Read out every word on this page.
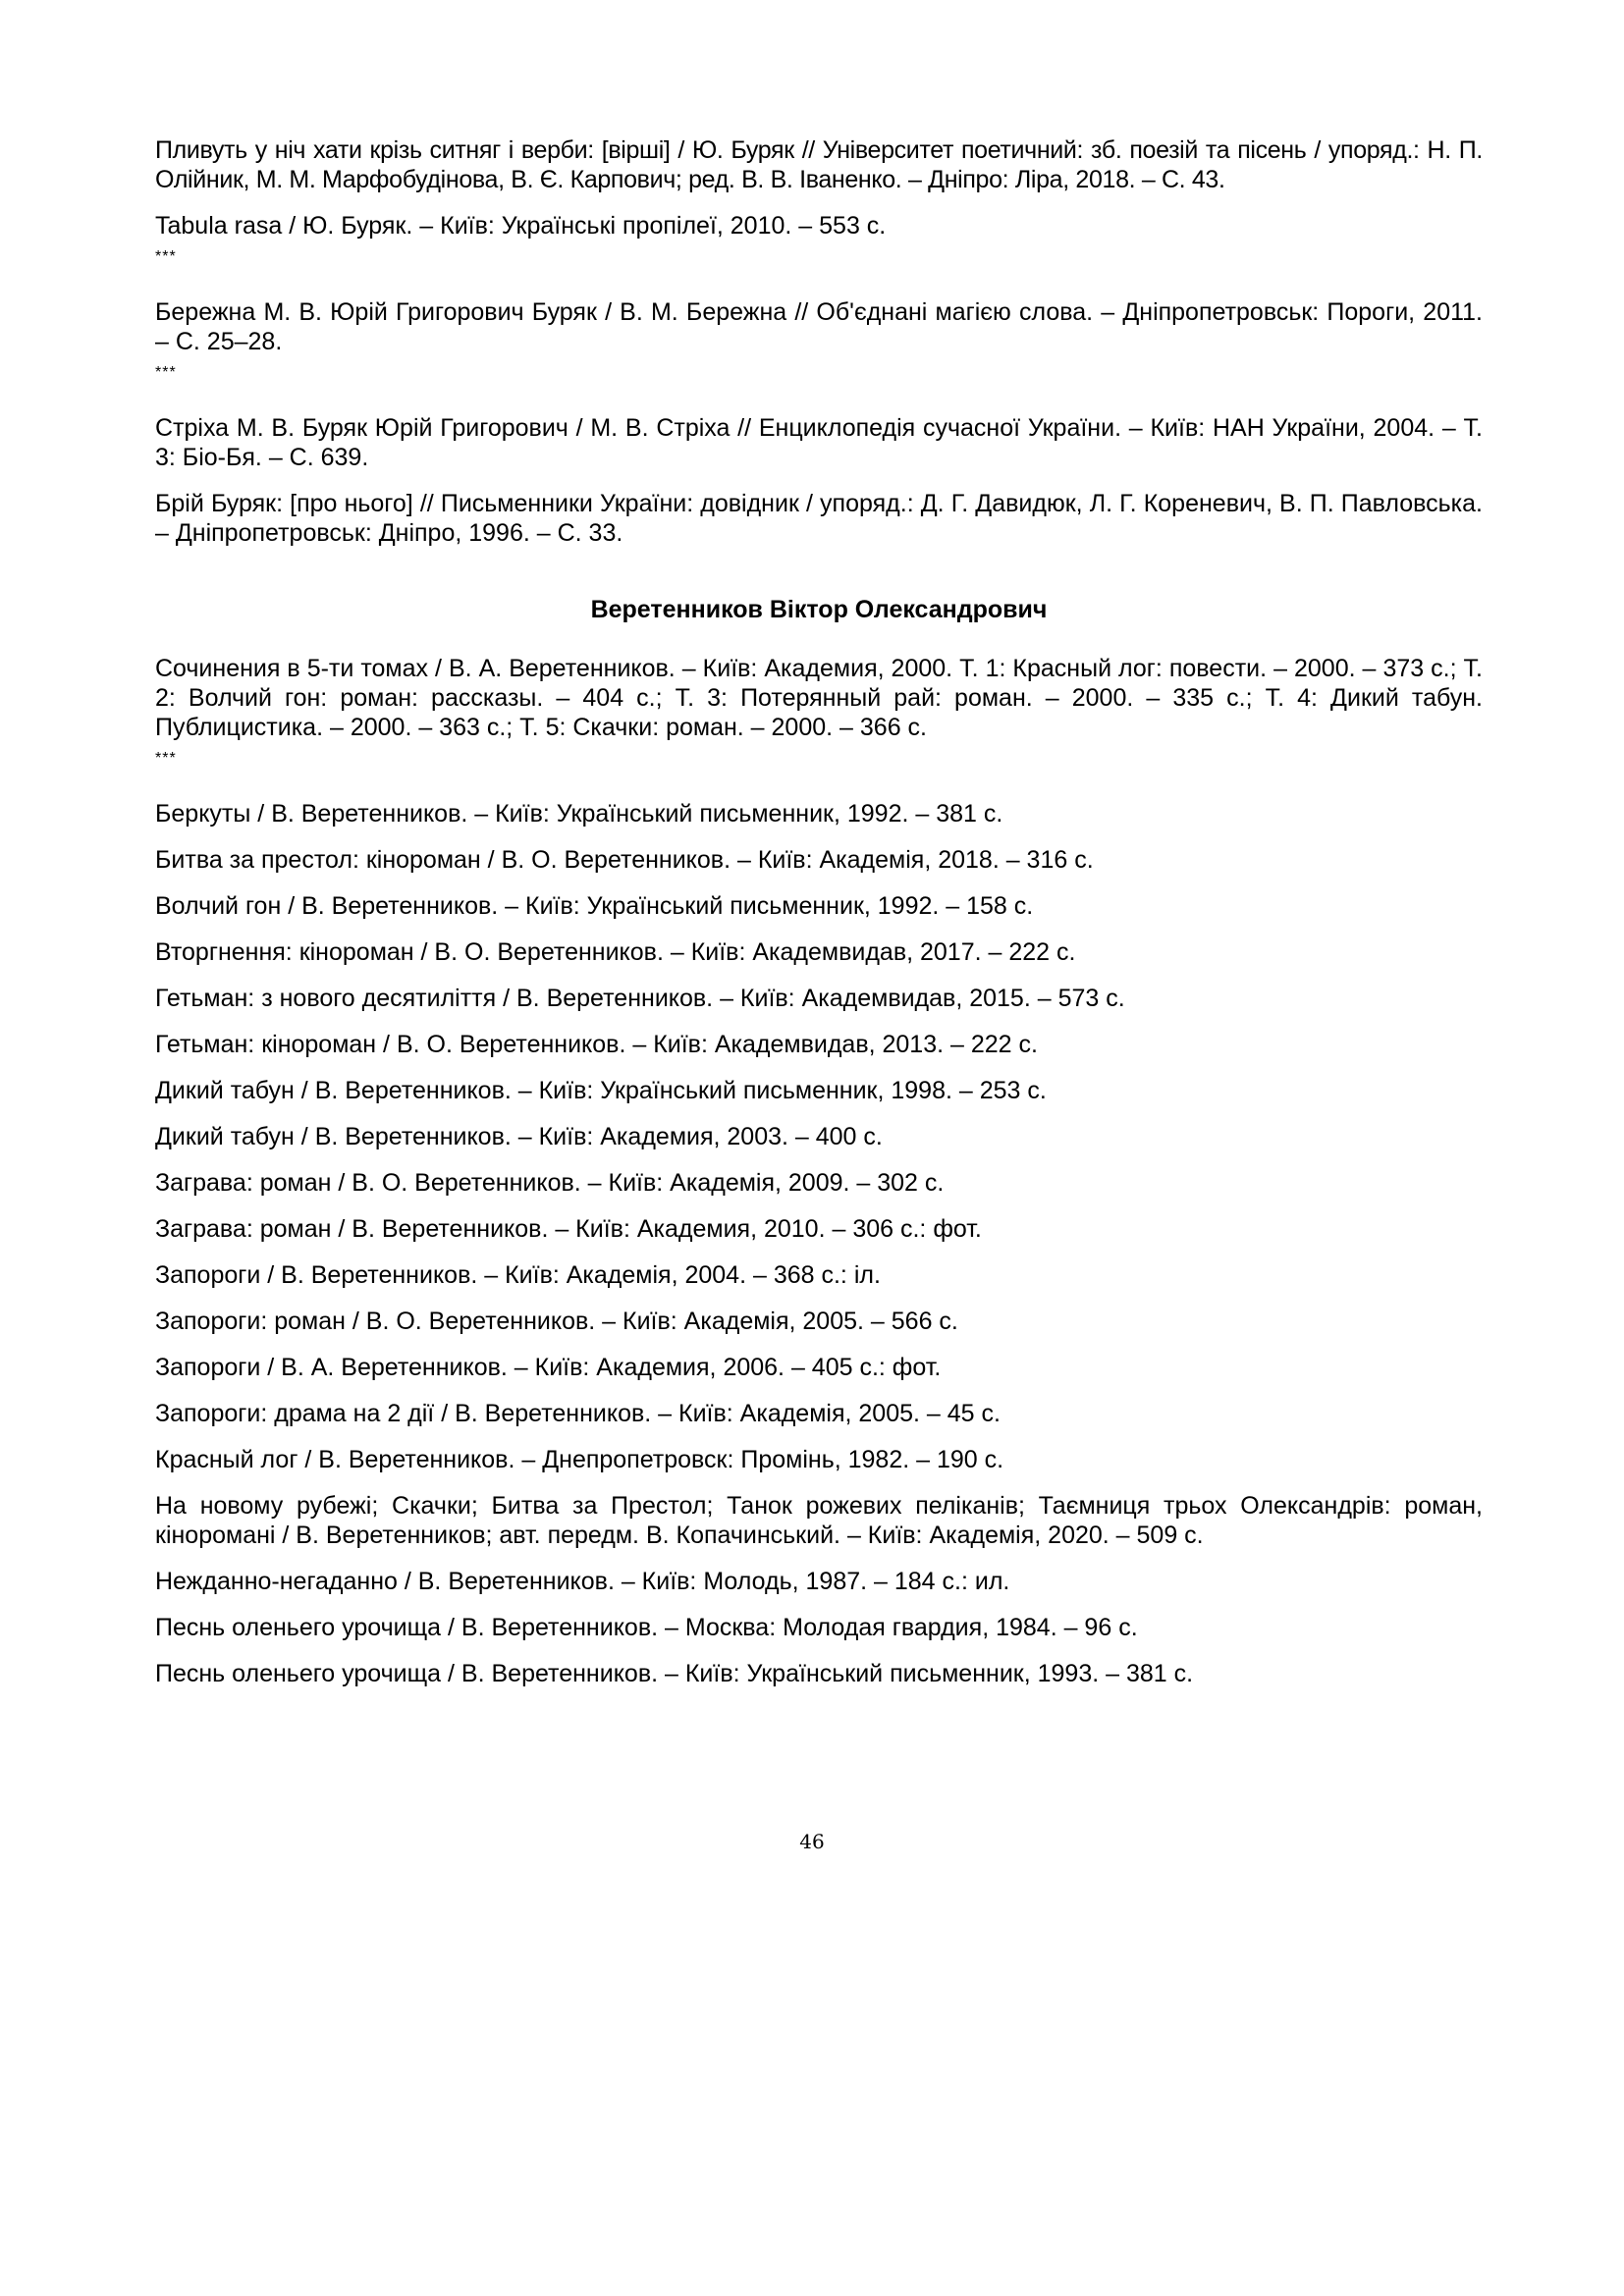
Пливуть у ніч хати крізь ситняг і верби: [вірші] / Ю. Буряк // Університет поетичний: зб. поезій та пісень / упоряд.: Н. П. Олійник, М. М. Марфобудінова, В. Є. Карпович; ред. В. В. Іваненко. – Дніпро: Ліра, 2018. – С. 43.

Tabula rasa / Ю. Буряк. – Київ: Українські пропілеї, 2010. – 553 с.

***

Бережна М. В. Юрій Григорович Буряк / В. М. Бережна // Об'єднані магією слова. – Дніпропетровськ: Пороги, 2011. – С. 25–28.

***

Стріха М. В. Буряк Юрій Григорович / М. В. Стріха // Енциклопедія сучасної України. – Київ: НАН України, 2004. – Т. 3: Біо-Бя. – С. 639.

Брій Буряк: [про нього] // Письменники України: довідник / упоряд.: Д. Г. Давидюк, Л. Г. Кореневич, В. П. Павловська. – Дніпропетровськ: Дніпро, 1996. – С. 33.

Веретенников Віктор Олександрович

Сочинения в 5-ти томах / В. А. Веретенников. – Київ: Академия, 2000. Т. 1: Красный лог: повести. – 2000. – 373 с.; Т. 2: Волчий гон: роман: рассказы. – 404 с.; Т. 3: Потерянный рай: роман. – 2000. – 335 с.; Т. 4: Дикий табун. Публицистика. – 2000. – 363 с.; Т. 5: Скачки: роман. – 2000. – 366 с.

***

Беркуты / В. Веретенников. – Київ: Український письменник, 1992. – 381 с.

Битва за престол: кінороман / В. О. Веретенников. – Київ: Академія, 2018. – 316 с.

Волчий гон / В. Веретенников. – Київ: Український письменник, 1992. – 158 с.

Вторгнення: кінороман / В. О. Веретенников. – Київ: Академвидав, 2017. – 222 с.

Гетьман: з нового десятиліття / В. Веретенников. – Київ: Академвидав, 2015. – 573 с.

Гетьман: кінороман / В. О. Веретенников. – Київ: Академвидав, 2013. – 222 с.

Дикий табун / В. Веретенников. – Київ: Український письменник, 1998. – 253 с.

Дикий табун / В. Веретенников. – Київ: Академия, 2003. – 400 с.

Заграва: роман / В. О. Веретенников. – Київ: Академія, 2009. – 302 с.

Заграва: роман / В. Веретенников. – Київ: Академия, 2010. – 306 с.: фот.

Запороги / В. Веретенников. – Київ: Академія, 2004. – 368 с.: іл.

Запороги: роман / В. О. Веретенников. – Київ: Академія, 2005. – 566 с.

Запороги / В. А. Веретенников. – Київ: Академия, 2006. – 405 с.: фот.

Запороги: драма на 2 дії / В. Веретенников. – Київ: Академія, 2005. – 45 с.

Красный лог / В. Веретенников. – Днепропетровск: Промінь, 1982. – 190 с.

На новому рубежі; Скачки; Битва за Престол; Танок рожевих пеліканів; Таємниця трьох Олександрів: роман, кінороманi / В. Веретенников; авт. передм. В. Копачинський. – Київ: Академія, 2020. – 509 с.

Нежданно-негаданно / В. Веретенников. – Київ: Молодь, 1987. – 184 с.: ил.

Песнь оленьего урочища / В. Веретенников. – Москва: Молодая гвардия, 1984. – 96 с.

Песнь оленьего урочища / В. Веретенников. – Київ: Український письменник, 1993. – 381 с.

46
